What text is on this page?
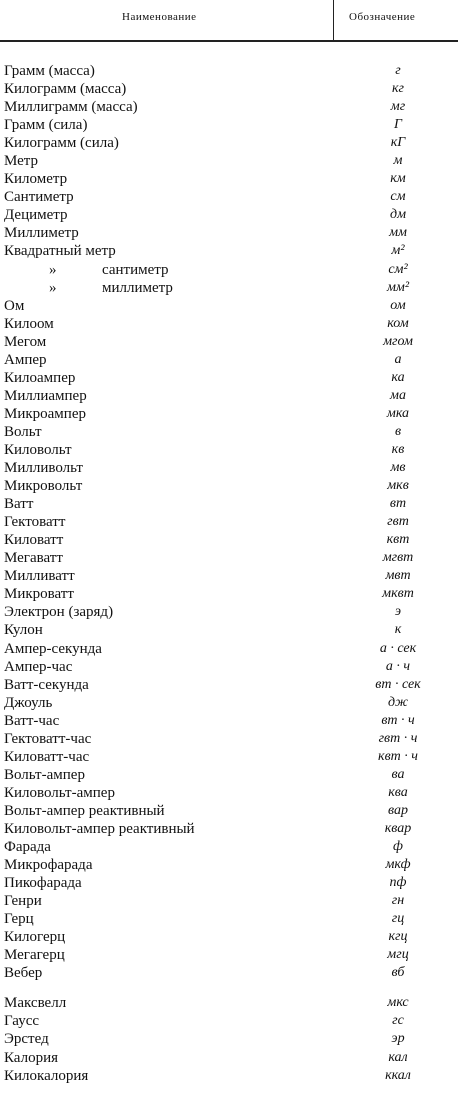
Наименование	Обозначение
Грамм (масса)	г
Килограмм (масса)	кг
Миллиграмм (масса)	мг
Грамм (сила)	Г
Килограмм (сила)	кГ
Метр	м
Километр	км
Сантиметр	см
Дециметр	дм
Миллиметр	мм
Квадратный метр	м²
»	сантиметр	см²
»	миллиметр	мм²
Ом	ом
Килоом	ком
Мегом	мгом
Ампер	а
Килоампер	ка
Миллиампер	ма
Микроампер	мка
Вольт	в
Киловольт	кв
Милливольт	мв
Микровольт	мкв
Ватт	вт
Гектоватт	гвт
Киловатт	квт
Мегаватт	мгвт
Милливатт	мвт
Микроватт	мквт
Электрон (заряд)	э
Кулон	к
Ампер-секунда	а · сек
Ампер-час	а · ч
Ватт-секунда	вт · сек
Джоуль	дж
Ватт-час	вт · ч
Гектоватт-час	гвт · ч
Киловатт-час	квт · ч
Вольт-ампер	ва
Киловольт-ампер	ква
Вольт-ампер реактивный	вар
Киловольт-ампер реактивный	квар
Фарада	ф
Микрофарада	мкф
Пикофарада	пф
Генри	гн
Герц	гц
Килогерц	кгц
Мегагерц	мгц
Вебер	вб
Максвелл	мкс
Гаусс	гс
Эрстед	эр
Калория	кал
Килокалория	ккал
